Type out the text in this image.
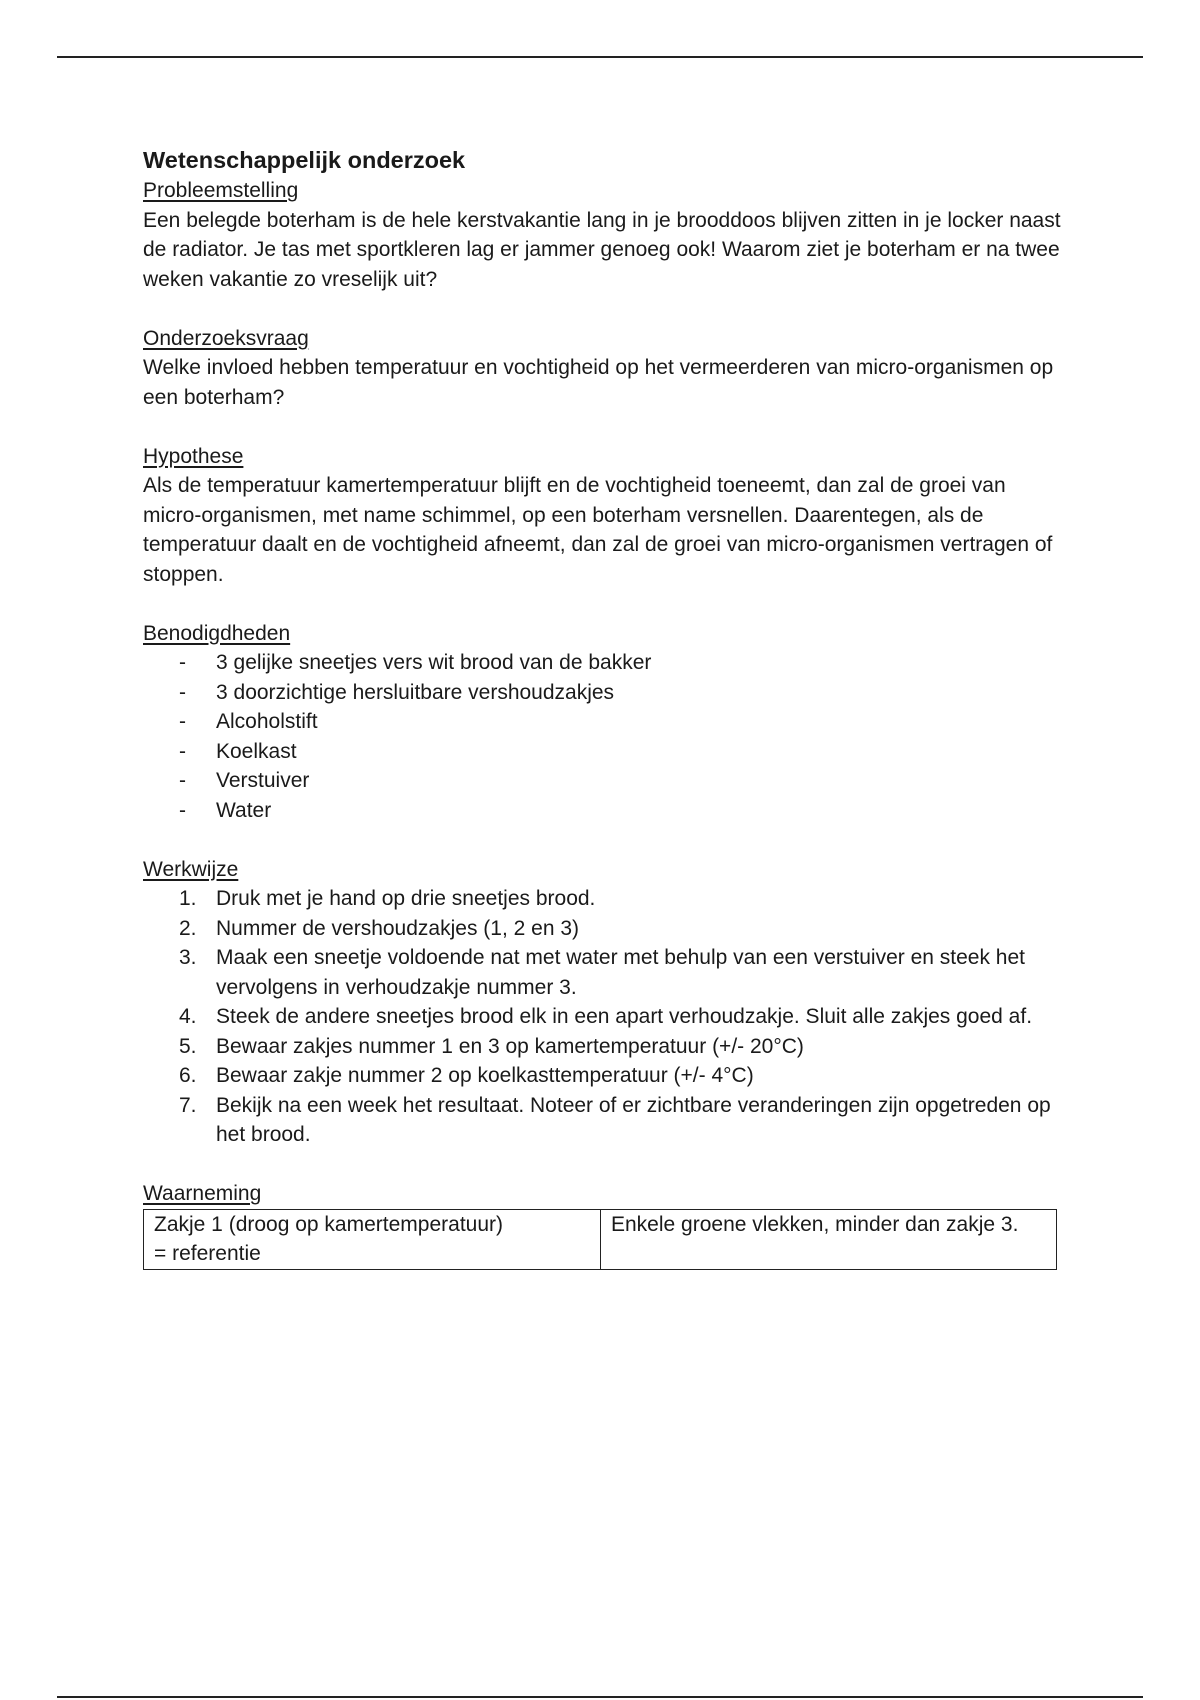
Wetenschappelijk onderzoek

Probleemstelling

Een belegde boterham is de hele kerstvakantie lang in je brooddoos blijven zitten in je locker naast de radiator. Je tas met sportkleren lag er jammer genoeg ook! Waarom ziet je boterham er na twee weken vakantie zo vreselijk uit?

Onderzoeksvraag

Welke invloed hebben temperatuur en vochtigheid op het vermeerderen van micro-organismen op een boterham?

Hypothese

Als de temperatuur kamertemperatuur blijft en de vochtigheid toeneemt, dan zal de groei van micro-organismen, met name schimmel, op een boterham versnellen. Daarentegen, als de temperatuur daalt en de vochtigheid afneemt, dan zal de groei van micro-organismen vertragen of stoppen.

Benodigdheden

- 3 gelijke sneetjes vers wit brood van de bakker
- 3 doorzichtige hersluitbare vershoudzakjes
- Alcoholstift
- Koelkast
- Verstuiver
- Water

Werkwijze

1. Druk met je hand op drie sneetjes brood.
2. Nummer de vershoudzakjes (1, 2 en 3)
3. Maak een sneetje voldoende nat met water met behulp van een verstuiver en steek het vervolgens in verhoudzakje nummer 3.
4. Steek de andere sneetjes brood elk in een apart verhoudzakje. Sluit alle zakjes goed af.
5. Bewaar zakjes nummer 1 en 3 op kamertemperatuur (+/- 20°C)
6. Bewaar zakje nummer 2 op koelkasttemperatuur (+/- 4°C)
7. Bekijk na een week het resultaat. Noteer of er zichtbare veranderingen zijn opgetreden op het brood.

Waarneming

Zakje 1 (droog op kamertemperatuur)
= referentie
	Enkele groene vlekken, minder dan zakje 3.
